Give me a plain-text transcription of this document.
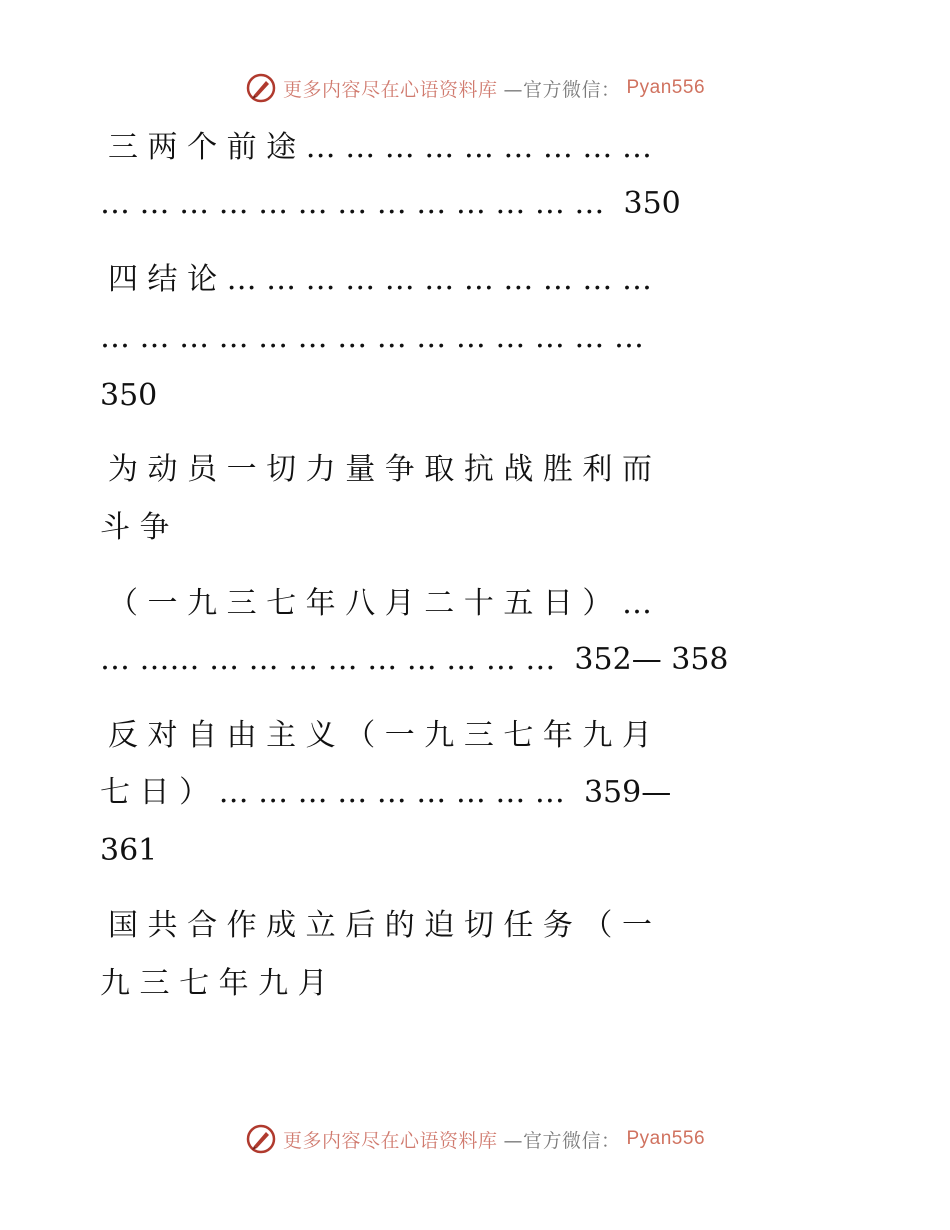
更多内容尽在心语资料库 —官方微信： Pyan556
三 两 个 前 途 … … … … … … … … …
… … … … … … … … … … … … …  350
四 结 论 … … … … … … … … … … …
… … … … … … … … … … … … … …
350
为 动 员 一 切 力 量 争 取 抗 战 胜 利 而
斗 争
（ 一 九 三 七 年 八 月 二 十 五 日 ） …
… …… … … … … … … … … …  352— 358
反 对 自 由 主 义 （ 一 九 三 七 年 九 月
七 日 ） … … … … … … … … …  359—
361
国 共 合 作 成 立 后 的 迫 切 任 务 （ 一
九 三 七 年 九 月
更多内容尽在心语资料库 —官方微信： Pyan556
